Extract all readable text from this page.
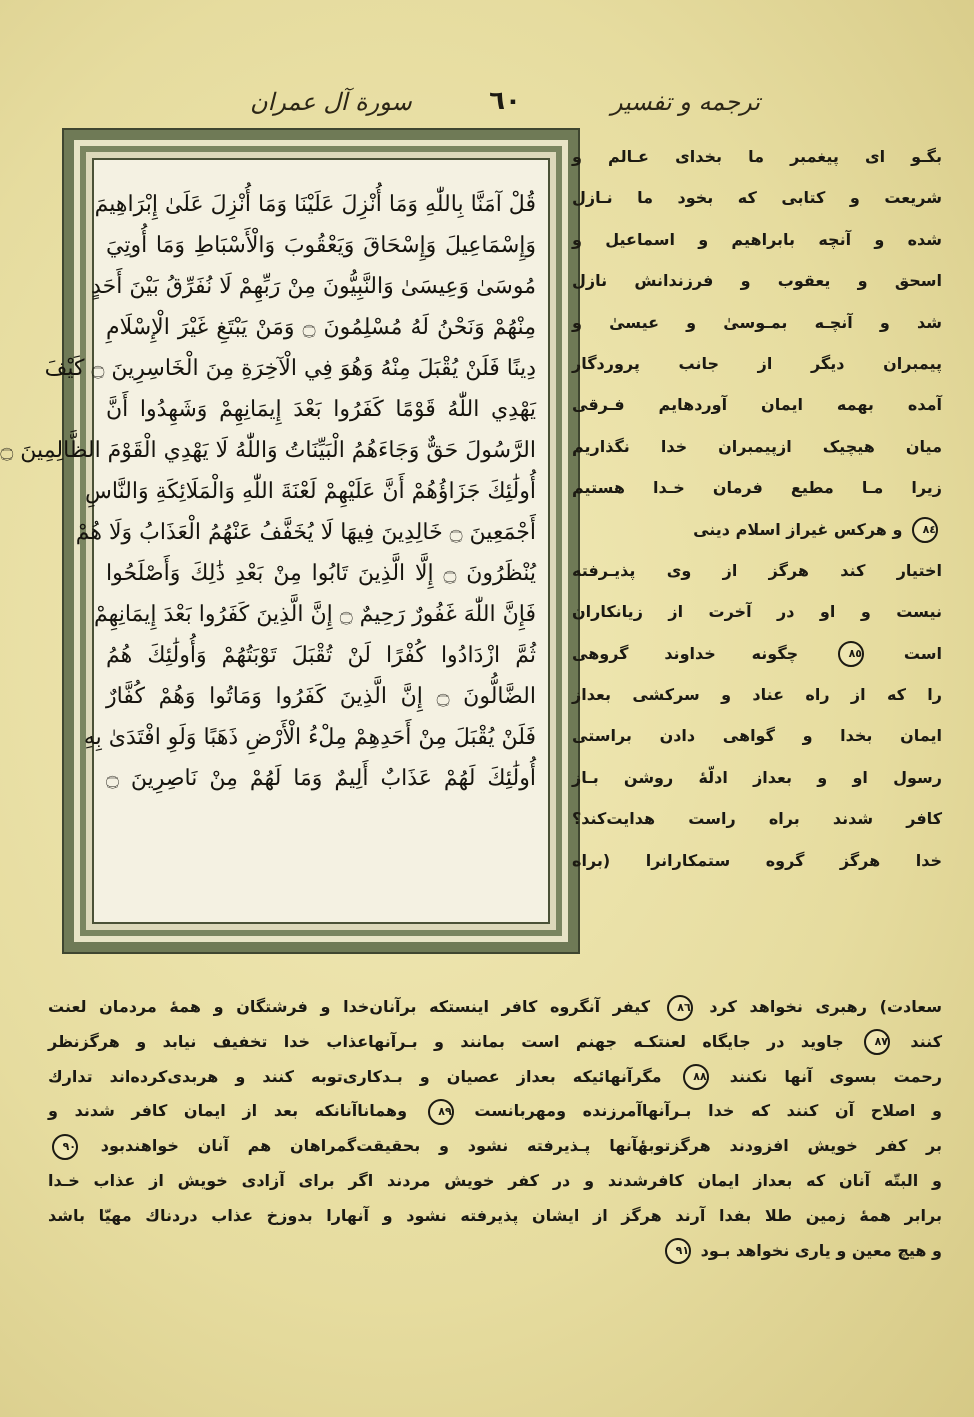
ترجمه و تفسیر
٦٠
سورة آل عمران
قُلْ آمَنَّا بِاللّٰهِ وَمَا أُنْزِلَ عَلَيْنَا وَمَا أُنْزِلَ عَلَىٰ إِبْرَاهِيمَ
وَإِسْمَاعِيلَ وَإِسْحَاقَ وَيَعْقُوبَ وَالْأَسْبَاطِ وَمَا أُوتِيَ
مُوسَىٰ وَعِيسَىٰ وَالنَّبِيُّونَ مِنْ رَبِّهِمْ لَا نُفَرِّقُ بَيْنَ أَحَدٍ
مِنْهُمْ وَنَحْنُ لَهُ مُسْلِمُونَ ۝ وَمَنْ يَبْتَغِ غَيْرَ الْإِسْلَامِ
دِينًا فَلَنْ يُقْبَلَ مِنْهُ وَهُوَ فِي الْآخِرَةِ مِنَ الْخَاسِرِينَ ۝ كَيْفَ
يَهْدِي اللّٰهُ قَوْمًا كَفَرُوا بَعْدَ إِيمَانِهِمْ وَشَهِدُوا أَنَّ
الرَّسُولَ حَقٌّ وَجَاءَهُمُ الْبَيِّنَاتُ وَاللّٰهُ لَا يَهْدِي الْقَوْمَ الظَّالِمِينَ ۝
أُولَٰئِكَ جَزَاؤُهُمْ أَنَّ عَلَيْهِمْ لَعْنَةَ اللّٰهِ وَالْمَلَائِكَةِ وَالنَّاسِ
أَجْمَعِينَ ۝ خَالِدِينَ فِيهَا لَا يُخَفَّفُ عَنْهُمُ الْعَذَابُ وَلَا هُمْ
يُنْظَرُونَ ۝ إِلَّا الَّذِينَ تَابُوا مِنْ بَعْدِ ذَٰلِكَ وَأَصْلَحُوا
فَإِنَّ اللّٰهَ غَفُورٌ رَحِيمٌ ۝ إِنَّ الَّذِينَ كَفَرُوا بَعْدَ إِيمَانِهِمْ
ثُمَّ ازْدَادُوا كُفْرًا لَنْ تُقْبَلَ تَوْبَتُهُمْ وَأُولَٰئِكَ هُمُ
الضَّالُّونَ ۝ إِنَّ الَّذِينَ كَفَرُوا وَمَاتُوا وَهُمْ كُفَّارٌ
فَلَنْ يُقْبَلَ مِنْ أَحَدِهِمْ مِلْءُ الْأَرْضِ ذَهَبًا وَلَوِ افْتَدَىٰ بِهِ
أُولَٰئِكَ لَهُمْ عَذَابٌ أَلِيمٌ وَمَا لَهُمْ مِنْ نَاصِرِينَ ۝
بگـو ای پیغمبر ما بخدای عـالم و
شریعت و کتابی که بخود ما نـازل
شده و آنچه بابراهیم و اسماعیل و
اسحق و یعقوب و فرزندانش نازل
شد و آنچـه بمـوسیٰ و عیسیٰ و
پیمبران دیگر از جانب پروردگار
آمده بهمه ایمان آوردهایم فـرقی
میان هیچیک ازپیمبران خدا نگذاریم
زیرا مـا مطیع فرمان خـدا هستیم
٨٤ و هرکس غیراز اسلام دینی
اختیار کند هرگز از وی پذیـرفته
نیست و او در آخرت از زیانکاران
است ٨٥ چگونه خداوند گروهی
را که از راه عناد و سرکشی بعداز
ایمان بخدا و گواهی دادن براستی
رسول او و بعداز ادلّهٔ روشن بـاز
کافر شدند براه راست هدایت‌کند؟
خدا هرگز گروه ستمکارانرا (براه
سعادت) رهبری نخواهد کرد ٨٦ کیفر آنگروه کافر اینستکه برآنان‌خدا و فرشتگان و همهٔ مردمان لعنت
کنند ٨٧ جاوید در جایگاه لعنتکـه جهنم است بمانند و بـرآنهاعذاب خدا تخفیف نیابد و هرگزنظر
رحمت بسوی آنها نکنند ٨٨ مگرآنهائیکه بعداز عصیان و بـدکاری‌توبه کنند و هربدی‌کرده‌اند تدارك
و اصلاح آن کنند که خدا بـرآنهاآمرزنده ومهربانست ٨٩ وهماناآنانکه بعد از ایمان کافر شدند و
بر کفر خویش افزودند هرگزتوبهٔآنها پـذیرفته نشود و بحقیقت‌گمراهان هم آنان خواهندبود ٩٠
و البتّه آنان که بعداز ایمان کافرشدند و در کفر خویش مردند اگر برای آزادی خویش از عذاب خـدا
برابر همهٔ زمین طلا بفدا آرند هرگز از ایشان پذیرفته نشود و آنهارا بدوزخ عذاب دردناك مهیّا باشد
و هیچ معین و یاری نخواهد بـود ٩١
